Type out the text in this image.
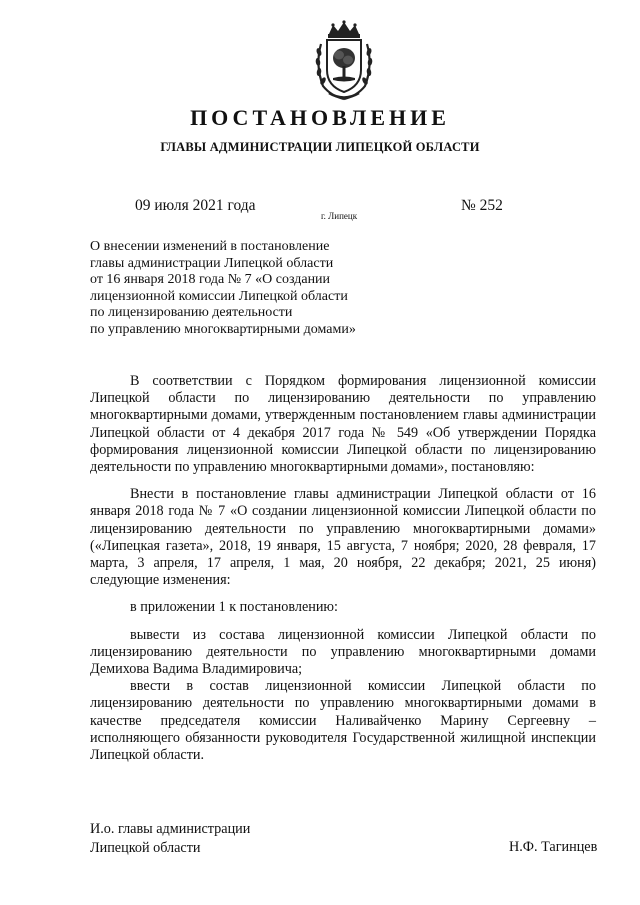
ПОСТАНОВЛЕНИЕ
ГЛАВЫ АДМИНИСТРАЦИИ ЛИПЕЦКОЙ ОБЛАСТИ
09 июля 2021 года
г. Липецк
№ 252
О внесении изменений в постановление
главы администрации Липецкой области
от 16 января 2018 года № 7 «О создании
лицензионной комиссии Липецкой области
по лицензированию деятельности
по управлению многоквартирными домами»

В соответствии с Порядком формирования лицензионной комиссии Липецкой области по лицензированию деятельности по управлению многоквартирными домами, утвержденным постановлением главы администрации Липецкой области от 4 декабря 2017 года № 549 «Об утверждении Порядка формирования лицензионной комиссии Липецкой области по лицензированию деятельности по управлению многоквартирными домами», постановляю:

Внести в постановление главы администрации Липецкой области от 16 января 2018 года № 7 «О создании лицензионной комиссии Липецкой области по лицензированию деятельности по управлению многоквартирными домами» («Липецкая газета», 2018, 19 января, 15 августа, 7 ноября; 2020, 28 февраля, 17 марта, 3 апреля, 17 апреля, 1 мая, 20 ноября, 22 декабря; 2021, 25 июня) следующие изменения:

в приложении 1 к постановлению:

вывести из состава лицензионной комиссии Липецкой области по лицензированию деятельности по управлению многоквартирными домами Демихова Вадима Владимировича;

ввести в состав лицензионной комиссии Липецкой области по лицензированию деятельности по управлению многоквартирными домами в качестве председателя комиссии Наливайченко Марину Сергеевну – исполняющего обязанности руководителя Государственной жилищной инспекции Липецкой области.

И.о. главы администрации
Липецкой области	Н.Ф. Тагинцев
